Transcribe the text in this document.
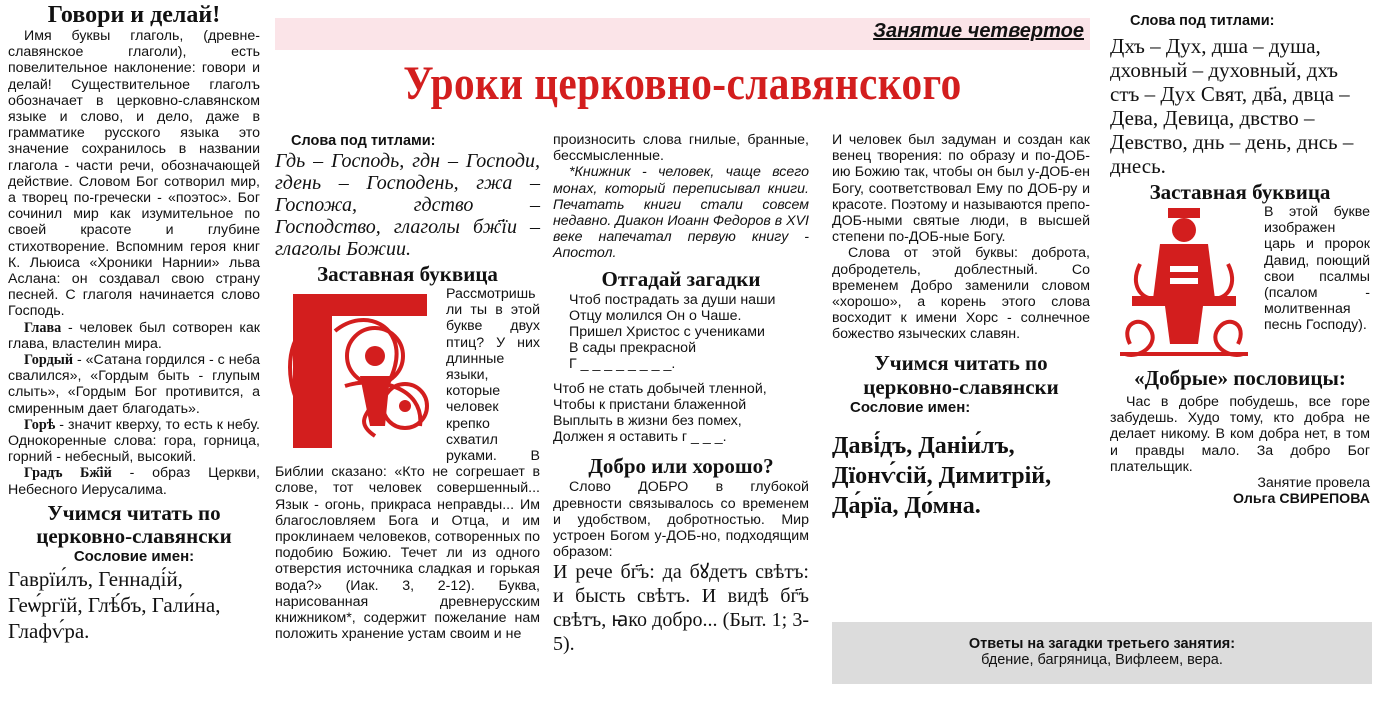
Говори и делай!

Имя буквы глаголь, (древне-славянское глаголи), есть повелительное наклонение: говори и делай! Существительное глаголъ обозначает в церковно-славянском языке и слово, и дело, даже в грамматике русского языка это значение сохранилось в названии глагола - части речи, обозначающей действие. Словом Бог сотворил мир, а творец по-гречески - «поэтос». Бог сочинил мир как изумительное по своей красоте и глубине стихотворение. Вспомним героя книг К. Льюиса «Хроники Нарнии» льва Аслана: он создавал свою страну песней. С глаголя начинается слово Господь.

Глава - человек был сотворен как глава, властелин мира.

Гордый - «Сатана гордился - с неба свалился», «Гордым быть - глупым слыть», «Гордым Бог противится, а смиренным дает благодать».

Горѣ - значит кверху, то есть к небу. Однокоренные слова: гора, горница, горний - небесный, высокий.

Градъ Бж҃ій - образ Церкви, Небесного Иерусалима.

Учимся читать по церковно-славянски
Сословие имен:
Гаврїи́лъ, Геннаді́й, Геѡ́ргїй, Глѣ́бъ, Гали́на, Глафѵ́ра.
Занятие четвертое
Уроки церковно-славянского
Слова под титлами:

Гдь – Господь, гдн – Господи, гдень – Господень, гжа – Госпожа, гдство – Господство, глаголы бж҃їи – глаголы Божии.

Заставная буквица

Рассмотришь ли ты в этой букве двух птиц? У них длинные языки, которые человек крепко схватил руками. В Библии сказано: «Кто не согрешает в слове, тот человек совершенный... Язык - огонь, прикраса неправды... Им благословляем Бога и Отца, и им проклинаем человеков, сотворенных по подобию Божию. Течет ли из одного отверстия источника сладкая и горькая вода?» (Иак. 3, 2-12). Буква, нарисованная древнерусским книжником*, содержит пожелание нам положить хранение устам своим и не

произносить слова гнилые, бранные, бессмысленные.

*Книжник - человек, чаще всего монах, который переписывал книги. Печатать книги стали совсем недавно. Диакон Иоанн Федоров в XVI веке напечатал первую книгу - Апостол.

Отгадай загадки

Чтоб пострадать за души наши
Отцу молился Он о Чаше.
Пришел Христос с учениками
В сады прекрасной
Г _ _ _ _ _ _ _ _.

Чтоб не стать добычей тленной,
Чтобы к пристани блаженной
Выплыть в жизни без помех,
Должен я оставить г _ _ _.

Добро или хорошо?

Слово ДОБРО в глубокой древности связывалось со временем и удобством, добротностью. Мир устроен Богом у-ДОБ-но, подходящим образом:

И рече бг҃ъ: да бꙋдетъ свѣтъ: и бысть свѣтъ. И видѣ бг҃ъ свѣтъ, ꙗко добро... (Быт. 1; 3-5).

И человек был задуман и создан как венец творения: по образу и по-ДОБ-ию Божию так, чтобы он был у-ДОБ-ен Богу, соответствовал Ему по ДОБ-ру и красоте. Поэтому и называются препо-ДОБ-ными святые люди, в высшей степени по-ДОБ-ные Богу.

Слова от этой буквы: доброта, добродетель, доблестный. Со временем Добро заменили словом «хорошо», а корень этого слова восходит к имени Хорс - солнечное божество языческих славян.

Учимся читать по церковно-славянски
Сословие имен:
Даві́дъ, Даніи́лъ, Дїонѵ́сій, Димитрій, Да́рїа, До́мна.
Ответы на загадки третьего занятия:
бдение, багряница, Вифлеем, вера.
Слова под титлами:

Дхъ – Дух, дша – душа, дховный – духовный, дхъ стъ – Дух Свят, дв҃а, двца – Дева, Девица, двство – Девство, днь – день, днсь – днесь.

Заставная буквица

В этой букве изображен царь и пророк Давид, поющий свои псалмы (псалом - молитвенная песнь Господу).

«Добрые» пословицы:

Час в добре побудешь, все горе забудешь. Худо тому, кто добра не делает никому. В ком добра нет, в том и правды мало. За добро Бог плательщик.

Занятие провела
Ольга СВИРЕПОВА
